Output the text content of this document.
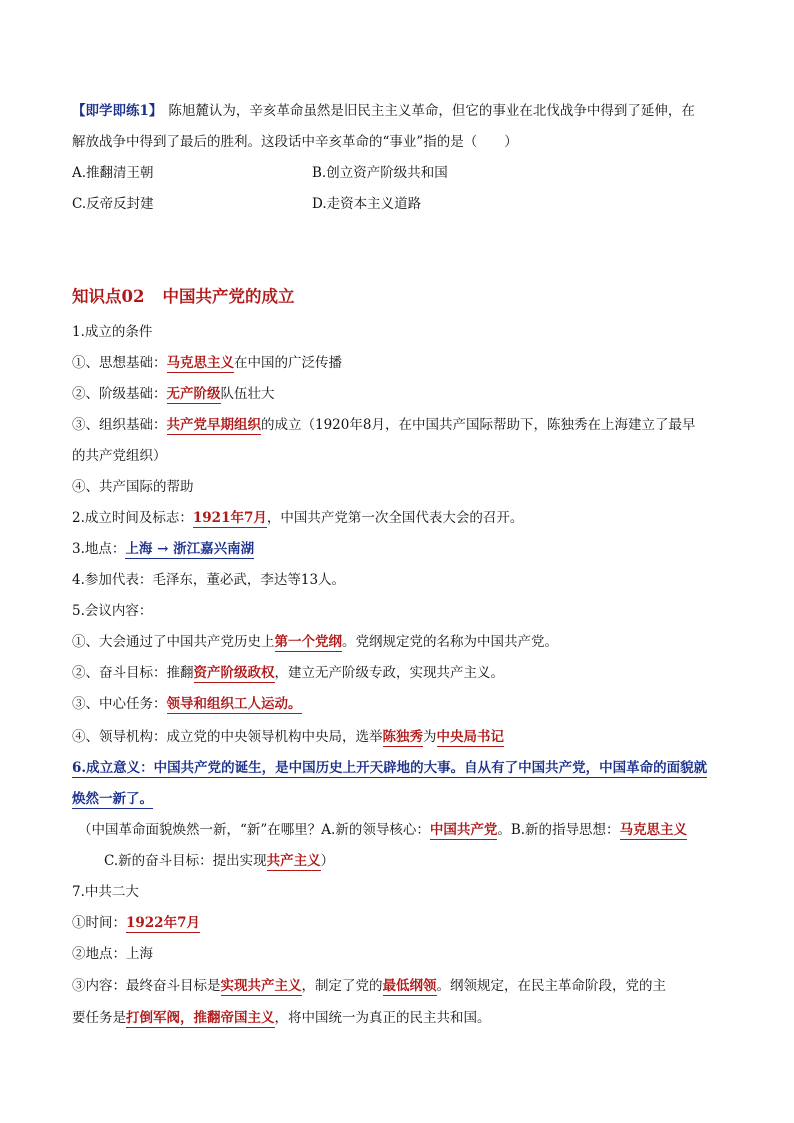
【即学即练1】 陈旭麓认为，辛亥革命虽然是旧民主主义革命，但它的事业在北伐战争中得到了延伸，在
解放战争中得到了最后的胜利。这段话中辛亥革命的“事业”指的是（　　）
A.推翻清王朝	B.创立资产阶级共和国
C.反帝反封建	D.走资本主义道路
知识点02 中国共产党的成立
1.成立的条件
①、思想基础：马克思主义在中国的广泛传播
②、阶级基础：无产阶级队伍壮大
③、组织基础：共产党早期组织的成立（1920年8月，在中国共产国际帮助下，陈独秀在上海建立了最早
的共产党组织）
④、共产国际的帮助
2.成立时间及标志：1921年7月，中国共产党第一次全国代表大会的召开。
3.地点：上海 → 浙江嘉兴南湖
4.参加代表：毛泽东，董必武，李达等13人。
5.会议内容：
①、大会通过了中国共产党历史上第一个党纲。党纲规定党的名称为中国共产党。
②、奋斗目标：推翻资产阶级政权，建立无产阶级专政，实现共产主义。
③、中心任务：领导和组织工人运动。
④、领导机构：成立党的中央领导机构中央局，选举陈独秀为中央局书记
6.成立意义：中国共产党的诞生，是中国历史上开天辟地的大事。自从有了中国共产党，中国革命的面貌就
焕然一新了。
（中国革命面貌焕然一新，“新”在哪里？A.新的领导核心：中国共产党。B.新的指导思想：马克思主义
C.新的奋斗目标：提出实现共产主义）
7.中共二大
①时间：1922年7月
②地点：上海
③内容：最终奋斗目标是实现共产主义，制定了党的最低纲领。纲领规定，在民主革命阶段，党的主
要任务是打倒军阀，推翻帝国主义，将中国统一为真正的民主共和国。
